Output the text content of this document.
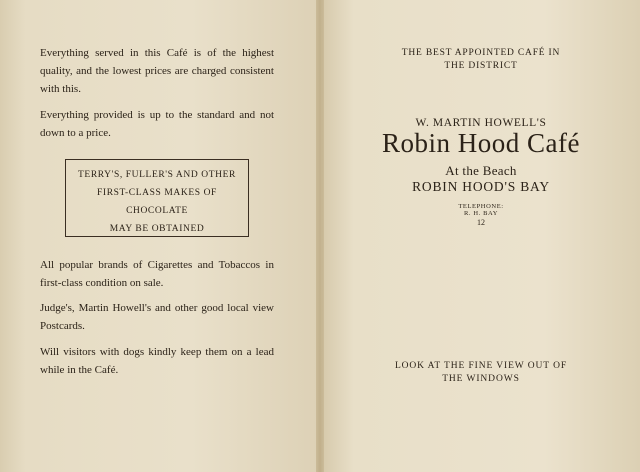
Everything served in this Café is of the highest quality, and the lowest prices are charged consistent with this.

Everything provided is up to the standard and not down to a price.

TERRY'S, FULLER'S AND OTHER
FIRST-CLASS MAKES OF
CHOCOLATE
MAY BE OBTAINED

All popular brands of Cigarettes and Tobaccos in first-class condition on sale.

Judge's, Martin Howell's and other good local view Postcards.

Will visitors with dogs kindly keep them on a lead while in the Café.

THE BEST APPOINTED CAFÉ IN
THE DISTRICT
W. MARTIN HOWELL'S
Robin Hood Café
At the Beach
ROBIN HOOD'S BAY
TELEPHONE:
R. H. BAY
12
LOOK AT THE FINE VIEW OUT OF
THE WINDOWS
